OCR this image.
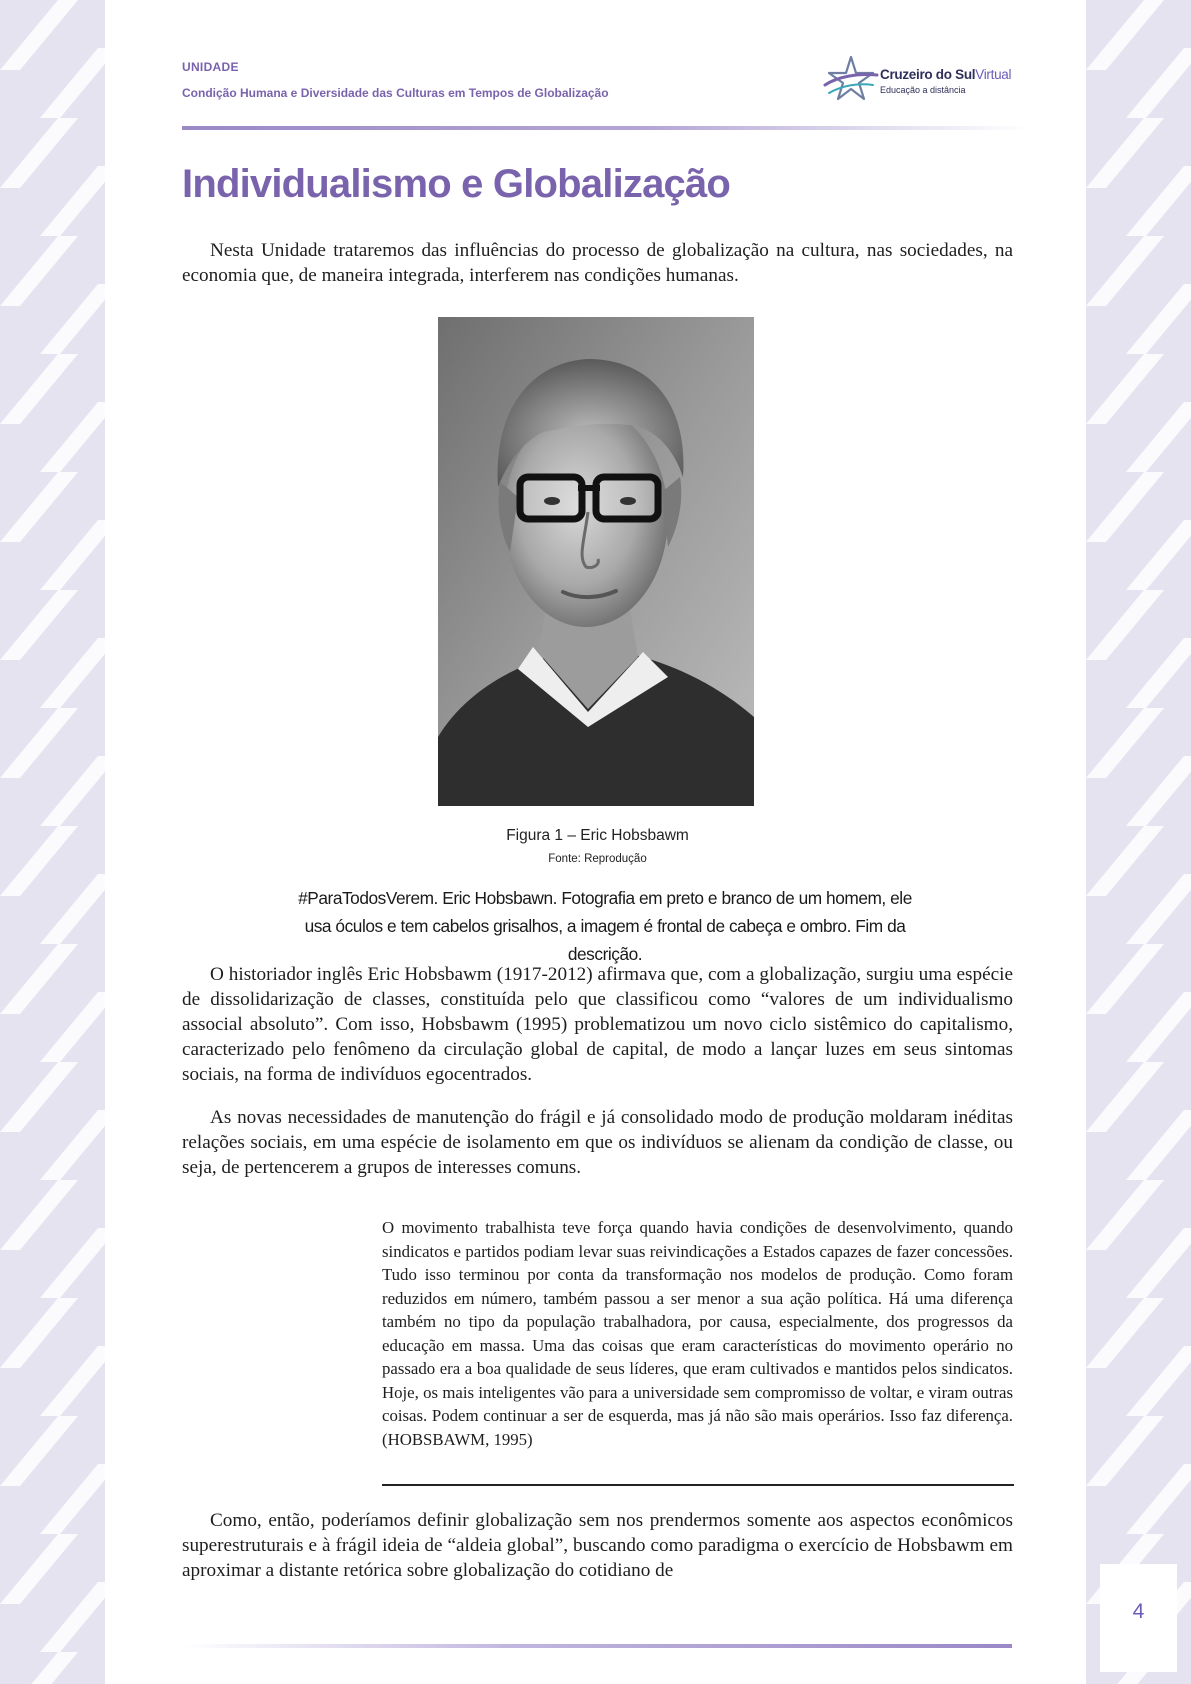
UNIDADE
Condição Humana e Diversidade das Culturas em Tempos de Globalização
Cruzeiro do SulVirtual
Educação a distância
Individualismo e Globalização

Nesta Unidade trataremos das influências do processo de globalização na cultura, nas sociedades, na economia que, de maneira integrada, interferem nas condições humanas.

Figura 1 – Eric Hobsbawm
Fonte: Reprodução
#ParaTodosVerem. Eric Hobsbawn. Fotografia em preto e branco de um homem, ele usa óculos e tem cabelos grisalhos, a imagem é frontal de cabeça e ombro. Fim da descrição.

O historiador inglês Eric Hobsbawm (1917-2012) afirmava que, com a globalização, surgiu uma espécie de dissolidarização de classes, constituída pelo que classificou como “valores de um individualismo associal absoluto”. Com isso, Hobsbawm (1995) problematizou um novo ciclo sistêmico do capitalismo, caracterizado pelo fenômeno da circulação global de capital, de modo a lançar luzes em seus sintomas sociais, na forma de indivíduos egocentrados.

As novas necessidades de manutenção do frágil e já consolidado modo de produção moldaram inéditas relações sociais, em uma espécie de isolamento em que os indivíduos se alienam da condição de classe, ou seja, de pertencerem a grupos de interesses comuns.

O movimento trabalhista teve força quando havia condições de desenvolvimento, quando sindicatos e partidos podiam levar suas reivindicações a Estados capazes de fazer concessões. Tudo isso terminou por conta da transformação nos modelos de produção. Como foram reduzidos em número, também passou a ser menor a sua ação política. Há uma diferença também no tipo da população trabalhadora, por causa, especialmente, dos progressos da educação em massa. Uma das coisas que eram características do movimento operário no passado era a boa qualidade de seus líderes, que eram cultivados e mantidos pelos sindicatos. Hoje, os mais inteligentes vão para a universidade sem compromisso de voltar, e viram outras coisas. Podem continuar a ser de esquerda, mas já não são mais operários. Isso faz diferença. (HOBSBAWM, 1995)

Como, então, poderíamos definir globalização sem nos prendermos somente aos aspectos econômicos superestruturais e à frágil ideia de “aldeia global”, buscando como paradigma o exercício de Hobsbawm em aproximar a distante retórica sobre globalização do cotidiano de

4
